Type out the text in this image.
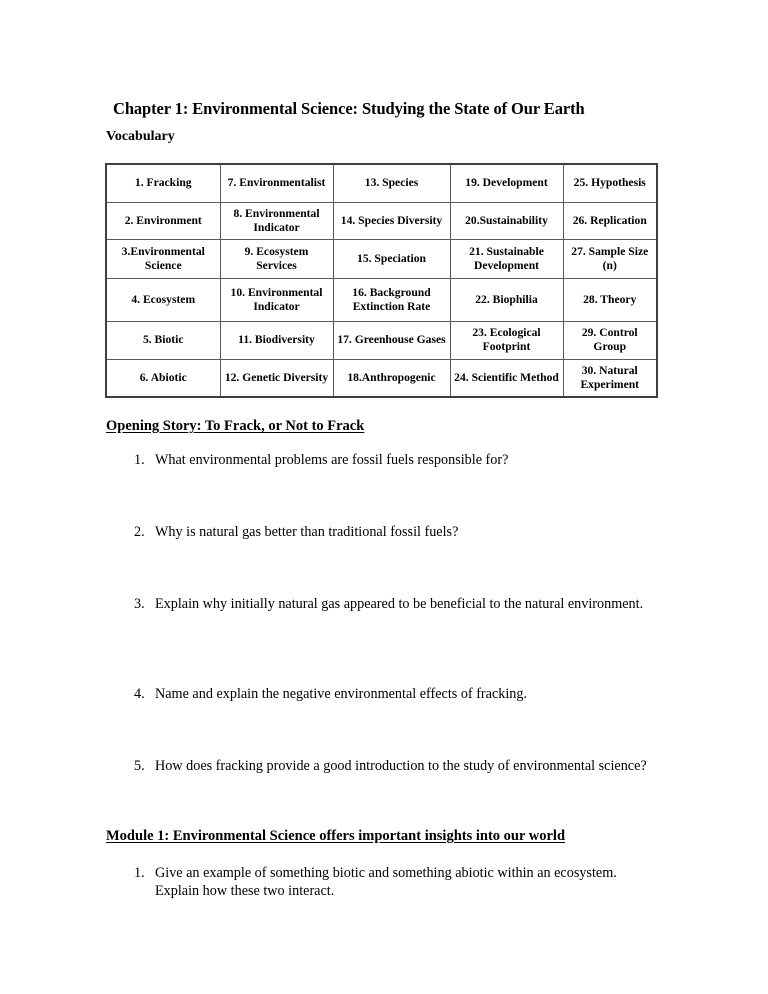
Chapter 1: Environmental Science: Studying the State of Our Earth
Vocabulary
1. Fracking	7. Environmentalist	13. Species	19. Development	25. Hypothesis
2. Environment	8. Environmental Indicator	14. Species Diversity	20.Sustainability	26. Replication
3.Environmental Science	9. Ecosystem Services	15. Speciation	21. Sustainable Development	27. Sample Size (n)
4. Ecosystem	10. Environmental Indicator	16. Background Extinction Rate	22. Biophilia	28. Theory
5. Biotic	11. Biodiversity	17. Greenhouse Gases	23. Ecological Footprint	29. Control Group
6. Abiotic	12. Genetic Diversity	18.Anthropogenic	24. Scientific Method	30. Natural Experiment
Opening Story: To Frack, or Not to Frack
1. What environmental problems are fossil fuels responsible for?
2. Why is natural gas better than traditional fossil fuels?
3. Explain why initially natural gas appeared to be beneficial to the natural environment.
4. Name and explain the negative environmental effects of fracking.
5. How does fracking provide a good introduction to the study of environmental science?
Module 1: Environmental Science offers important insights into our world
1. Give an example of something biotic and something abiotic within an ecosystem. Explain how these two interact.
